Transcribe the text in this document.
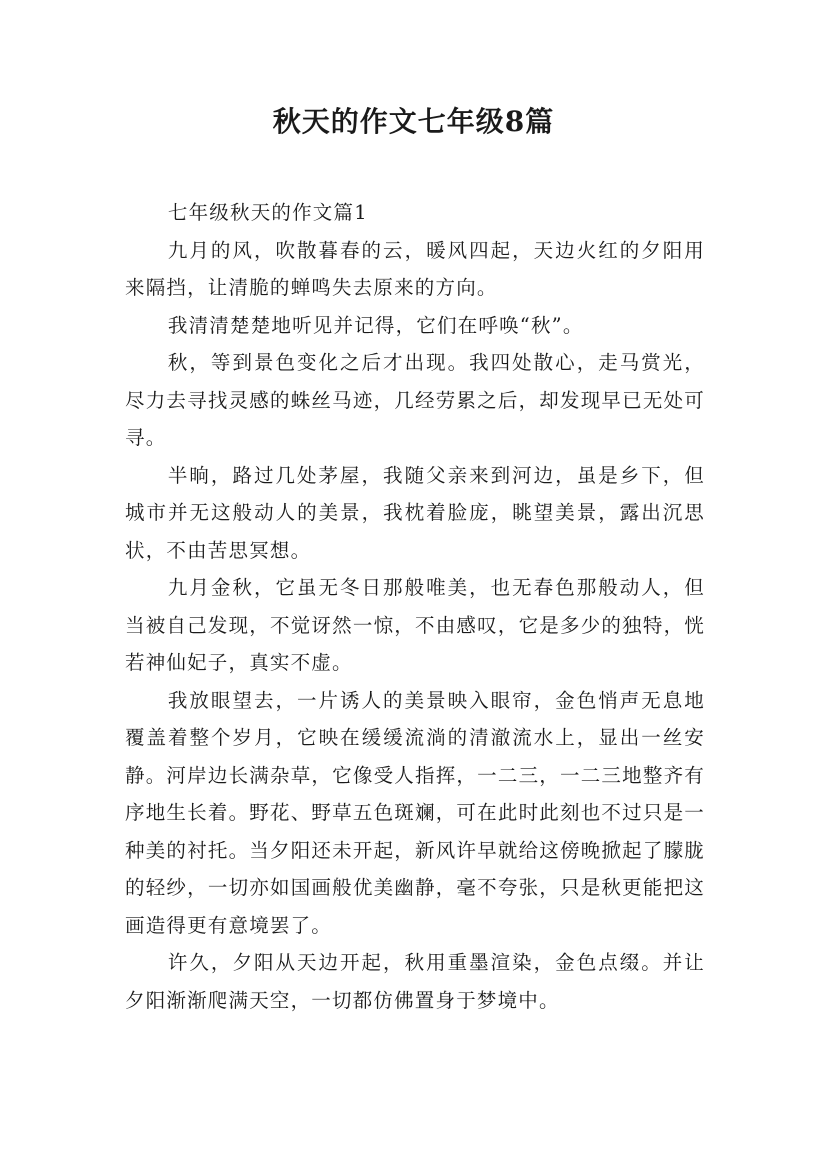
秋天的作文七年级8篇

七年级秋天的作文篇1

九月的风，吹散暮春的云，暖风四起，天边火红的夕阳用来隔挡，让清脆的蝉鸣失去原来的方向。

我清清楚楚地听见并记得，它们在呼唤“秋”。

秋，等到景色变化之后才出现。我四处散心，走马赏光，尽力去寻找灵感的蛛丝马迹，几经劳累之后，却发现早已无处可寻。

半晌，路过几处茅屋，我随父亲来到河边，虽是乡下，但城市并无这般动人的美景，我枕着脸庞，眺望美景，露出沉思状，不由苦思冥想。

九月金秋，它虽无冬日那般唯美，也无春色那般动人，但当被自己发现，不觉讶然一惊，不由感叹，它是多少的独特，恍若神仙妃子，真实不虚。

我放眼望去，一片诱人的美景映入眼帘，金色悄声无息地覆盖着整个岁月，它映在缓缓流淌的清澈流水上，显出一丝安静。河岸边长满杂草，它像受人指挥，一二三，一二三地整齐有序地生长着。野花、野草五色斑斓，可在此时此刻也不过只是一种美的衬托。当夕阳还未开起，新风许早就给这傍晚掀起了朦胧的轻纱，一切亦如国画般优美幽静，毫不夸张，只是秋更能把这画造得更有意境罢了。

许久，夕阳从天边开起，秋用重墨渲染，金色点缀。并让夕阳渐渐爬满天空，一切都仿佛置身于梦境中。
